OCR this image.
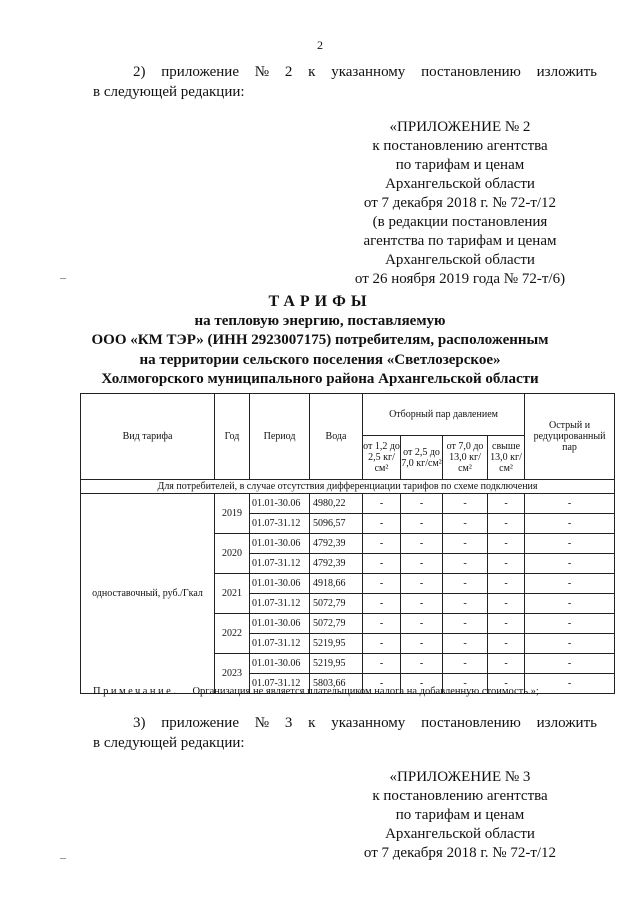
2
2) приложение № 2 к указанному постановлению изложить
в следующей редакции:
«ПРИЛОЖЕНИЕ № 2
к постановлению агентства
по тарифам и ценам
Архангельской области
от 7 декабря 2018 г. № 72-т/12
(в редакции постановления
агентства по тарифам и ценам
Архангельской области
от 26 ноября 2019 года № 72-т/6)
ТАРИФЫ
на тепловую энергию, поставляемую
ООО «КМ ТЭР» (ИНН 2923007175) потребителям, расположенным
на территории сельского поселения «Светлозерское»
Холмогорского муниципального района Архангельской области
Вид тарифа	Год	Период	Вода	Отборный пар давлением				Острый и редуцированный пар
				от 1,2 до 2,5 кг/см²	от 2,5 до 7,0 кг/см²	от 7,0 до 13,0 кг/см²	свыше 13,0 кг/см²	
Для потребителей, в случае отсутствия дифференциации тарифов по схеме подключения								
одноставочный, руб./Гкал	2019	01.01-30.06	4980,22	-	-	-	-	-
		01.07-31.12	5096,57	-	-	-	-	-
	2020	01.01-30.06	4792,39	-	-	-	-	-
		01.07-31.12	4792,39	-	-	-	-	-
	2021	01.01-30.06	4918,66	-	-	-	-	-
		01.07-31.12	5072,79	-	-	-	-	-
	2022	01.01-30.06	5072,79	-	-	-	-	-
		01.07-31.12	5219,95	-	-	-	-	-
	2023	01.01-30.06	5219,95	-	-	-	-	-
		01.07-31.12	5803,66	-	-	-	-	-
Примечание. Организация не является плательщиком налога на добавленную стоимость.»;
3) приложение № 3 к указанному постановлению изложить
в следующей редакции:
«ПРИЛОЖЕНИЕ № 3
к постановлению агентства
по тарифам и ценам
Архангельской области
от 7 декабря 2018 г. № 72-т/12
